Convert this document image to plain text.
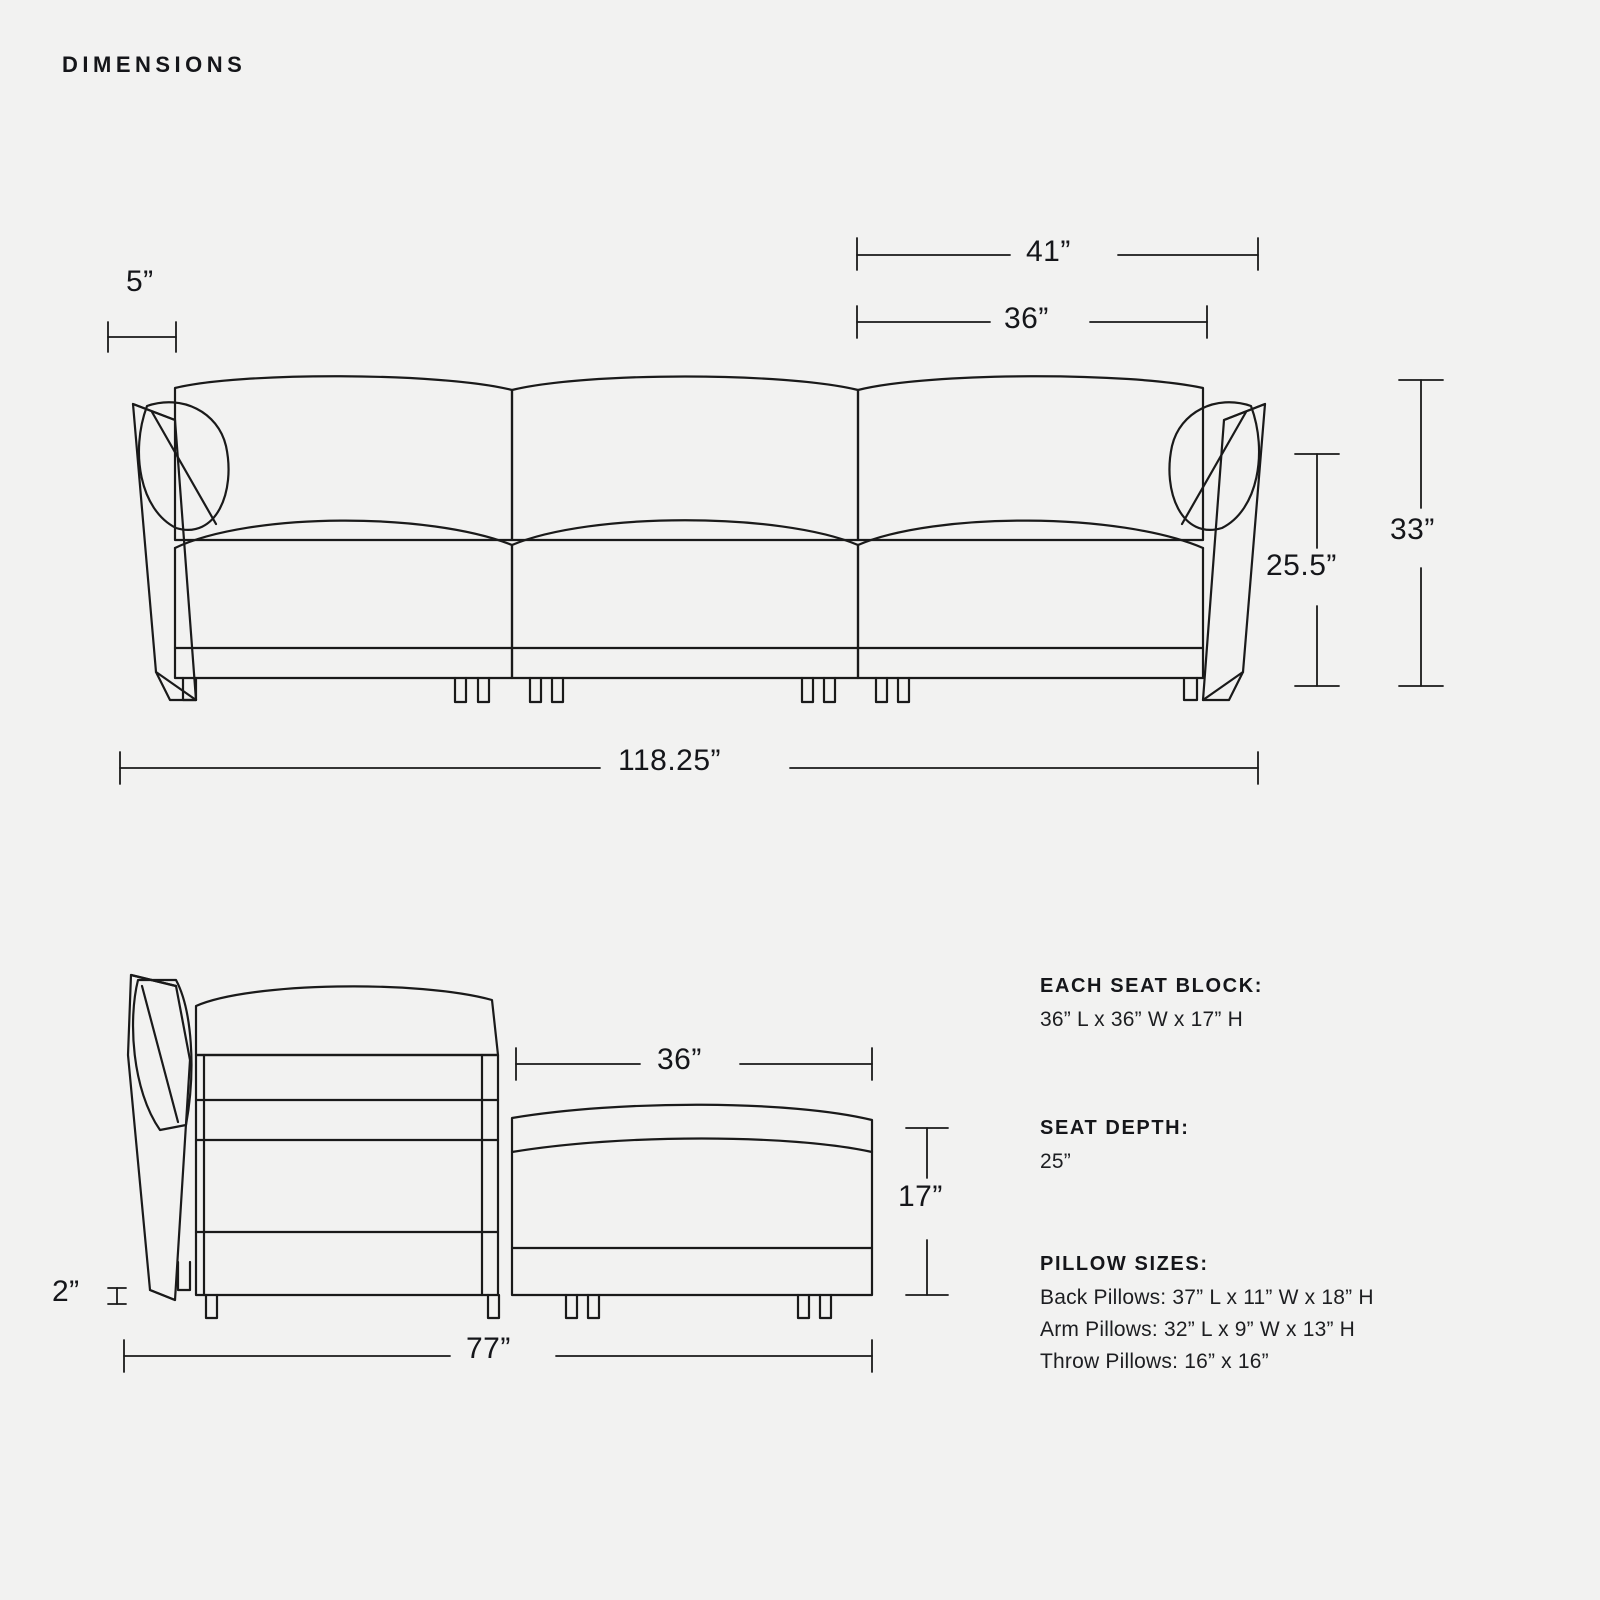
DIMENSIONS
5”
41”
36”
25.5”
33”
118.25”
2”
36”
17”
77”

EACH SEAT BLOCK:

36” L x 36” W x 17” H

SEAT DEPTH:

25”

PILLOW SIZES:

Back Pillows: 37” L x 11” W x 18” H

Arm Pillows: 32” L x 9” W x 13” H

Throw Pillows: 16” x 16”
